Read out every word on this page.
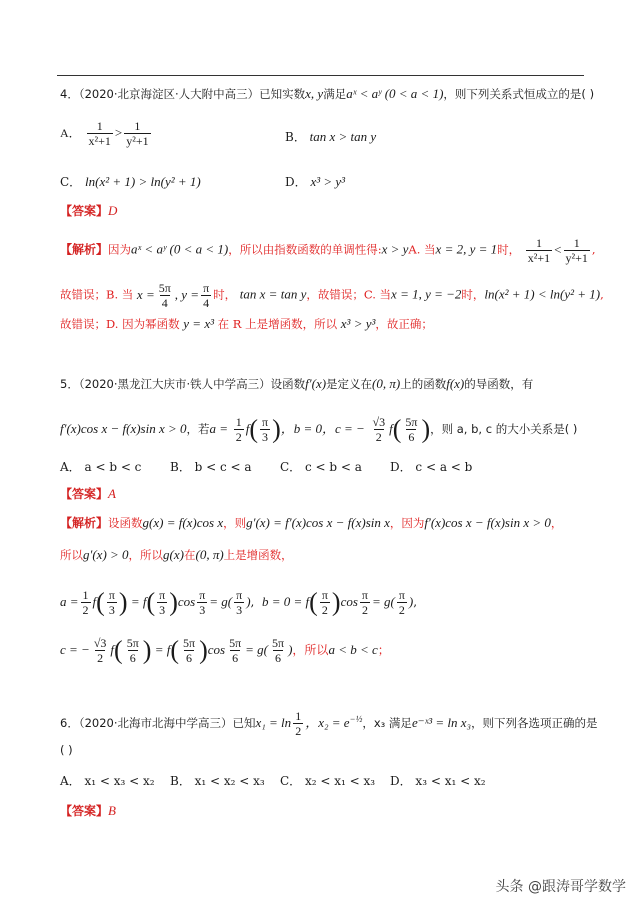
4．（2020·北京海淀区·人大附中高三）已知实数x, y满足aˣ < aʸ (0 < a < 1)，则下列关系式恒成立的是( )
A． $\frac{1}{\text{x²+1}} > \frac{1}{\text{y²+1}}$	B． tan x > tan y
C． ln(x² + 1) > ln(y² + 1)	D． x³ > y³
【答案】D
【解析】因为aˣ < aʸ (0 < a < 1)，所以由指数函数的单调性得:x > yA. 当x = 2, y = 1时， $\frac{1}{\text{x²+1}} < \frac{1}{\text{y²+1}}$ ,
故错误；B. 当 $x = \frac{5\pi}{4}$ , $y = \frac{\pi}{4}$ 时， tan x = tan y，故错误；C. 当x = 1, y = −2时，ln(x² + 1) < ln(y² + 1),
故错误；D. 因为幂函数 y = x³ 在 R 上是增函数，所以 x³ > y³，故正确；
5．（2020·黑龙江大庆市·铁人中学高三）设函数f′(x)是定义在(0, π)上的函数f(x)的导函数，有
f′(x)cos x − f(x)sin x > 0，若$a = \frac{1}{2} f( \frac{\pi}{3}$ )，b = 0，c = − $\frac{√3}{2} f( \frac{5\pi}{6}$ )，则 a, b, c 的大小关系是( )
A． a < b < c B． b < c < a C． c < b < a D． c < a < b
【答案】A
【解析】设函数g(x) = f(x)cos x，则g′(x) = f′(x)cos x − f(x)sin x，因为f′(x)cos x − f(x)sin x > 0，
所以g′(x) > 0，所以g(x)在(0, π)上是增函数，
$a = \frac{1}{2} f( \frac{\pi}{3}$ ) = $f( \frac{\pi}{3} )\cos \frac{\pi}{3} = g( \frac{\pi}{3}$ ),  $b = 0 = f( \frac{\pi}{2} )\cos \frac{\pi}{2} = g( \frac{\pi}{2}$ ),
c = − $\frac{√3}{2} f( \frac{5\pi}{6}$ ) = $f( \frac{5\pi}{6} )\cos \frac{5\pi}{6} = g( \frac{5\pi}{6}$ )，所以a < b < c；
6．（2020·北海市北海中学高三）已知$x_1 = \ln \frac{1}{2}$ ，$x_2 = e^{-\frac{1}{2}}$，x₃ 满足e⁻ˣ³ = ln x₃，则下列各选项正确的是
( )
A． x₁ < x₃ < x₂ B． x₁ < x₂ < x₃ C． x₂ < x₁ < x₃ D． x₃ < x₁ < x₂
【答案】B
头条 @跟涛哥学数学
